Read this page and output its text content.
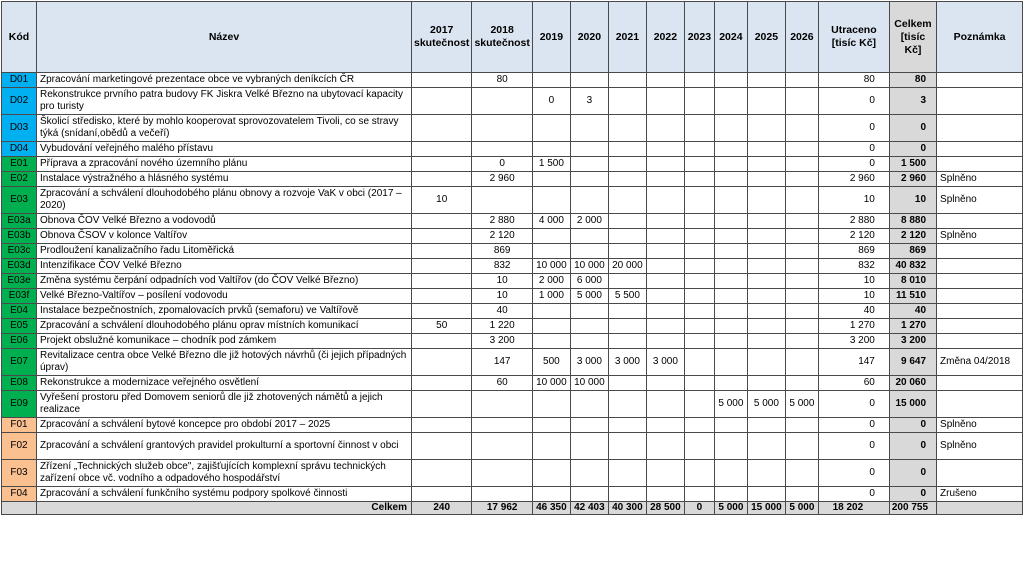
Kód	Název	2017 skutečnost	2018 skutečnost	2019	2020	2021	2022	2023	2024	2025	2026	Utraceno [tisíc Kč]	Celkem [tisíc Kč]	Poznámka
D01	Zpracování marketingové prezentace obce ve vybraných deníkcích ČR		80									80	80	
D02	Rekonstrukce prvního patra budovy FK Jiskra Velké Březno na ubytovací kapacity pro turisty			0	3							0	3	
D03	Školicí středisko, které by mohlo kooperovat sprovozovatelem Tivoli, co se stravy týká (snídaní,obědů a večeří)											0	0	
D04	Vybudování veřejného malého přístavu											0	0	
E01	Příprava a zpracování nového územního plánu		0	1 500								0	1 500	
E02	Instalace výstražného a hlásného systému		2 960									2 960	2 960	Splněno
E03	Zpracování a schválení dlouhodobého plánu obnovy a rozvoje VaK v obci (2017 – 2020)	10										10	10	Splněno
E03a	Obnova ČOV Velké Březno a vodovodů		2 880	4 000	2 000							2 880	8 880	
E03b	Obnova ČSOV v kolonce Valtířov		2 120									2 120	2 120	Splněno
E03c	Prodloužení kanalizačního řadu Litoměřická		869									869	869	
E03d	Intenzifikace ČOV Velké Březno		832	10 000	10 000	20 000						832	40 832	
E03e	Změna systému čerpání odpadních vod Valtířov (do ČOV Velké Březno)		10	2 000	6 000							10	8 010	
E03f	Velké Březno-Valtířov – posílení vodovodu		10	1 000	5 000	5 500						10	11 510	
E04	Instalace bezpečnostních, zpomalovacích prvků (semaforu) ve Valtířově		40									40	40	
E05	Zpracování a schválení dlouhodobého plánu oprav místních komunikací	50	1 220									1 270	1 270	
E06	Projekt obslužné komunikace – chodník pod zámkem		3 200									3 200	3 200	
E07	Revitalizace centra obce Velké Březno dle již hotových návrhů (či jejich případných úprav)		147	500	3 000	3 000	3 000					147	9 647	Změna 04/2018
E08	Rekonstrukce a modernizace veřejného osvětlení		60	10 000	10 000							60	20 060	
E09	Vyřešení prostoru před Domovem seniorů dle již zhotovených námětů a jejich realizace								5 000	5 000	5 000	0	15 000	
F01	Zpracování a schválení bytové koncepce pro období 2017 – 2025											0	0	Splněno
F02	Zpracování a schválení grantových pravidel prokulturní a sportovní činnost v obci											0	0	Splněno
F03	Zřízení „Technických služeb obce", zajišťujících komplexní správu technických zařízení obce vč. vodního a odpadového hospodářství											0	0	
F04	Zpracování a schválení funkčního systému podpory spolkové činnosti											0	0	Zrušeno
	Celkem	240	17 962	46 350	42 403	40 300	28 500	0	5 000	15 000	5 000	18 202	200 755	
